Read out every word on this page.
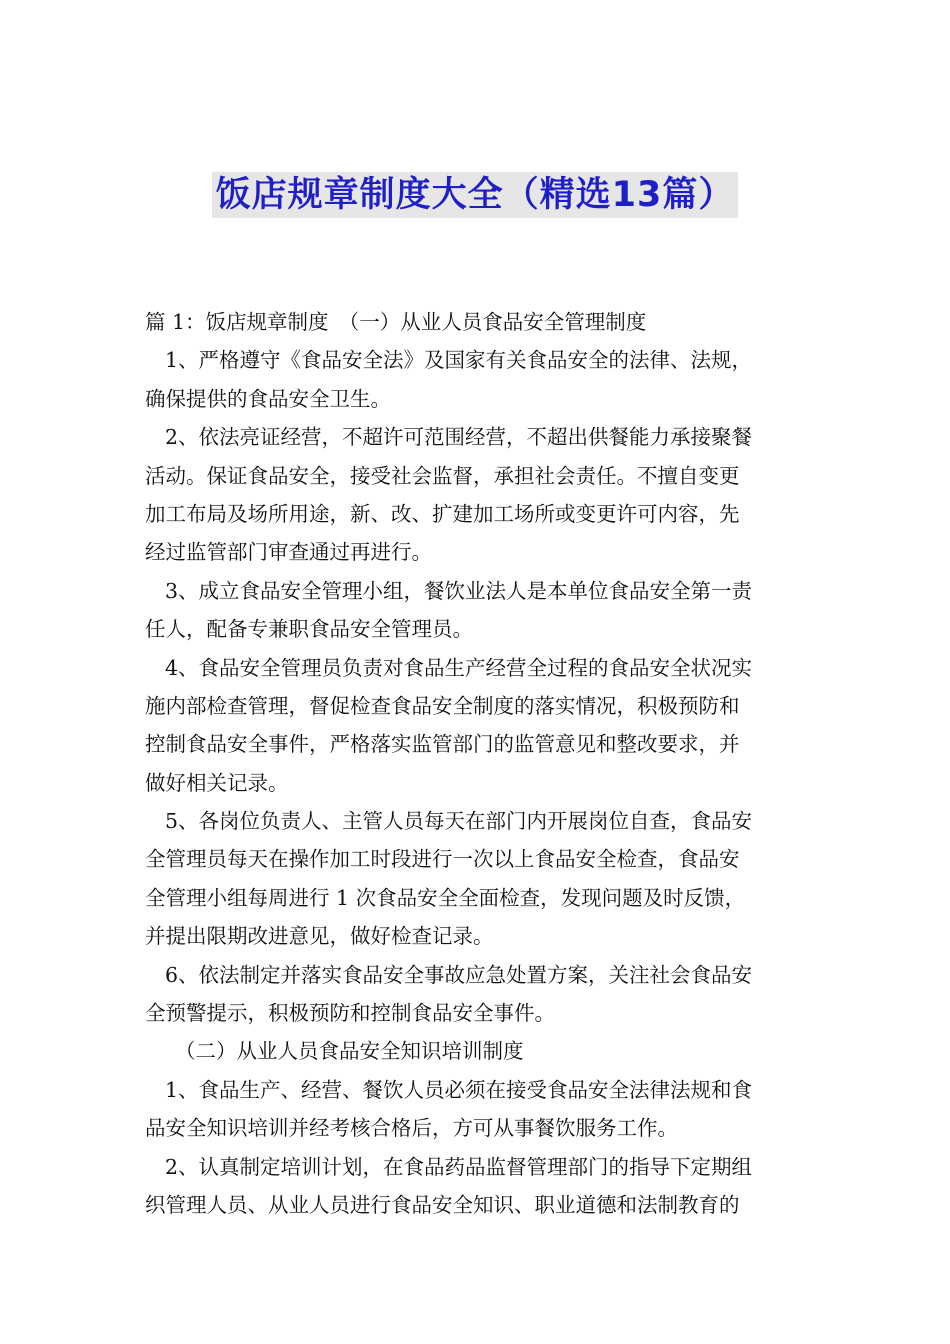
饭店规章制度大全（精选13篇）
篇 1：饭店规章制度　（一）从业人员食品安全管理制度
1、严格遵守《食品安全法》及国家有关食品安全的法律、法规，
确保提供的食品安全卫生。
2、依法亮证经营，不超许可范围经营，不超出供餐能力承接聚餐
活动。保证食品安全，接受社会监督，承担社会责任。不擅自变更
加工布局及场所用途，新、改、扩建加工场所或变更许可内容，先
经过监管部门审查通过再进行。
3、成立食品安全管理小组，餐饮业法人是本单位食品安全第一责
任人，配备专兼职食品安全管理员。
4、食品安全管理员负责对食品生产经营全过程的食品安全状况实
施内部检查管理，督促检查食品安全制度的落实情况，积极预防和
控制食品安全事件，严格落实监管部门的监管意见和整改要求，并
做好相关记录。
5、各岗位负责人、主管人员每天在部门内开展岗位自查，食品安
全管理员每天在操作加工时段进行一次以上食品安全检查，食品安
全管理小组每周进行 1 次食品安全全面检查，发现问题及时反馈，
并提出限期改进意见，做好检查记录。
6、依法制定并落实食品安全事故应急处置方案，关注社会食品安
全预警提示，积极预防和控制食品安全事件。
（二）从业人员食品安全知识培训制度
1、食品生产、经营、餐饮人员必须在接受食品安全法律法规和食
品安全知识培训并经考核合格后，方可从事餐饮服务工作。
2、认真制定培训计划，在食品药品监督管理部门的指导下定期组
织管理人员、从业人员进行食品安全知识、职业道德和法制教育的
